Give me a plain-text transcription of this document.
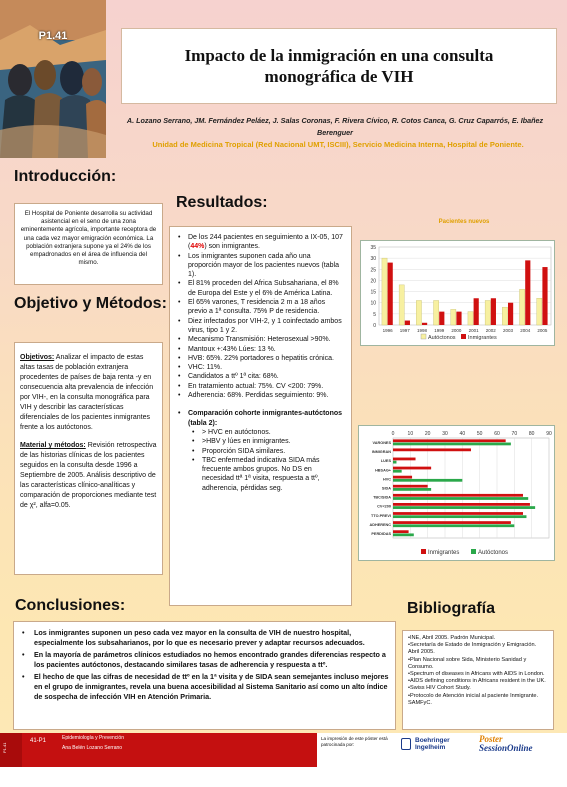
P1.41
Impacto de la inmigración en una consulta monográfica de VIH
A. Lozano Serrano, JM. Fernández Peláez, J. Salas Coronas, F. Rivera Cívico, R. Cotos Canca, G. Cruz Caparrós, E. Ibañez Berenguer
Unidad de Medicina Tropical (Red Nacional UMT, ISCIII), Servicio Medicina Interna, Hospital de Poniente.
Introducción:
El Hospital de Poniente desarrolla su actividad asistencial en el seno de una zona eminentemente agrícola, importante receptora de una cada vez mayor emigración económica. La población extranjera supone ya el 24% de los empadronados en el área de influencia del mismo.
Objetivo y Métodos:

Objetivos: Analizar el impacto de estas altas tasas de población extranjera procedentes de países de baja renta -y en consecuencia alta prevalencia de infección por VIH-, en la consulta monográfica para VIH y describir las características diferenciales de los pacientes inmigrantes frente a los autóctonos.

Material y métodos: Revisión retrospectiva de las historias clínicas de los pacientes seguidos en la consulta desde 1996 a Septiembre de 2005. Análisis descriptivo de las características clínico-analíticas y comparación de proporciones mediante test de χ², alfa=0.05.

Resultados:
• De los 244 pacientes en seguimiento a IX-05, 107 (44%) son inmigrantes.
• Los inmigrantes suponen cada año una proporción mayor de los pacientes nuevos (tabla 1).
• El 81% proceden del Africa Subsahariana, el 8% de Europa del Este y el 6% de América Latina.
• El 65% varones, T residencia 2 m a 18 años previo a 1ª consulta. 75% P de residencia.
• Diez infectados por VIH-2, y 1 coinfectado ambos virus, tipo 1 y 2.
• Mecanismo Transmisión: Heterosexual >90%.
• Mantoux +:43% Lúes: 13 %.
• HVB: 65%. 22% portadores o hepatitis crónica.
• VHC: 11%.
• Candidatos a ttº 1ª cita: 68%.
• En tratamiento actual: 75%. CV <200: 79%.
• Adherencia: 68%. Perdidas seguimiento: 9%.
• Comparación cohorte inmigrantes-autóctonos (tabla 2):
• > HVC en autóctonos.
• >HBV y lúes en inmigrantes.
• Proporción SIDA similares.
• TBC enfermedad indicativa SIDA más frecuente ambos grupos. No DS en necesidad ttª 1ª visita, respuesta a ttº, adherencia, pérdidas seg.
Pacientes nuevos
0
5
10
15
20
25
30
35
1996 1997 1998 1999 2000 2001 2002 2003 2004 2005
Autóctonos Inmigrantes
0	10 20 30 40 50 60 70 80 90
VARONES
INMIGRAN
LUES
HBSAG+
HVC
SIDA
TBC/SIDA
CV<200
TTO.PREVI
ADHERENC
PERDIDAS
Inmigrantes	Autóctonos
Conclusiones:
• Los inmigrantes suponen un peso cada vez mayor en la consulta de VIH de nuestro hospital, especialmente los subsaharianos, por lo que es necesario prever y adaptar recursos adecuados.
• En la mayoría de parámetros clínicos estudiados no hemos encontrado grandes diferencias respecto a los pacientes autóctonos, destacando similares tasas de adherencia y respuesta a ttº.
• El hecho de que las cifras de necesidad de ttº en la 1ª visita y de SIDA sean semejantes incluso mejores en el grupo de inmigrantes, revela una buena accesibilidad al Sistema Sanitario así como un alto índice de sospecha de infección VIH en Atención Primaria.
Bibliografía
•INE, Abril 2005. Padrón Municipal.
•Secretaría de Estado de Inmigración y Emigración. Abril 2005.
•Plan Nacional sobre Sida, Ministerio Sanidad y Consumo.
•Spectrum of diseases in Africans with AIDS in London.
•AIDS defining conditions in Africans resident in the UK.
•Swiss HIV Cohort Study.
•Protocolo de Atención inicial al paciente Inmigrante. SAMFyC.
P1.41
41-P1	Epidemiología y Prevención
Ana Belén Lozano Serrano
La impresión de este póster está patrocinada por:	Boehringer
Ingelheim
Poster
SessionOnline
